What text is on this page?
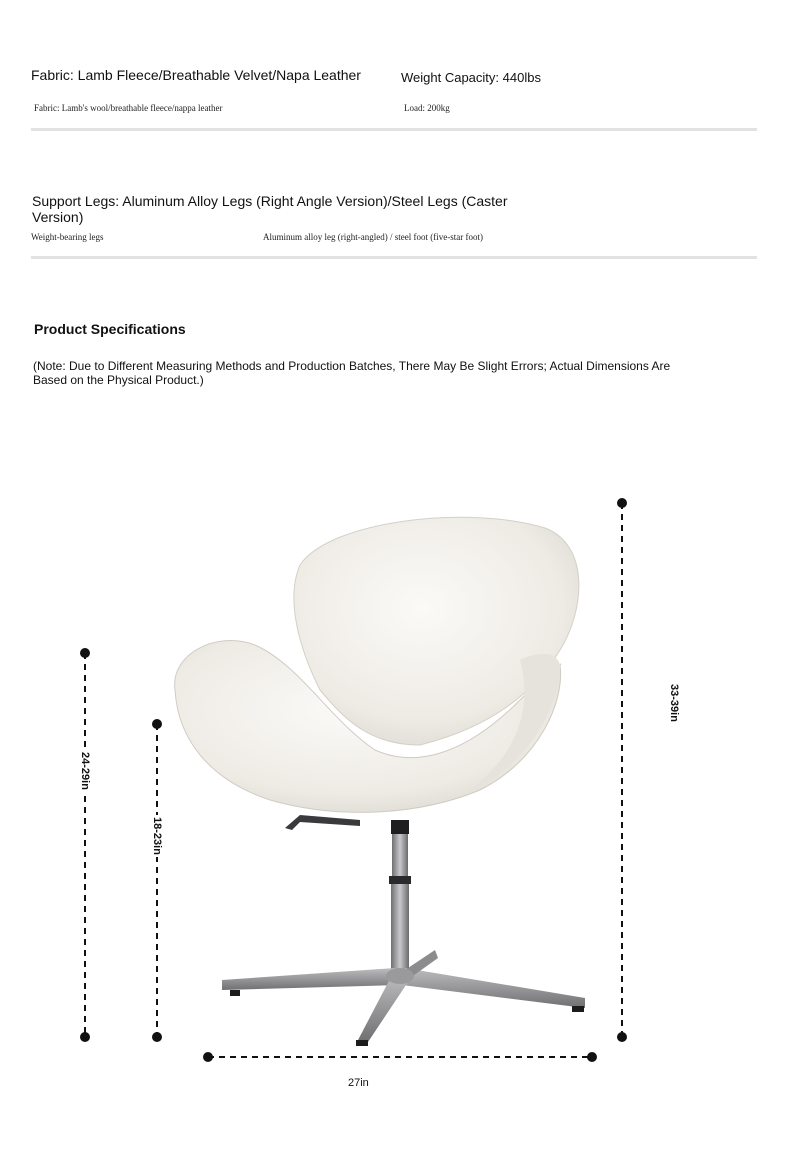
Fabric: Lamb Fleece/Breathable Velvet/Napa Leather	Weight Capacity: 440lbs
Fabric: Lamb's wool/breathable fleece/nappa leather	Load: 200kg
Support Legs: Aluminum Alloy Legs (Right Angle Version)/Steel Legs (Caster Version)
Weight-bearing legs	Aluminum alloy leg (right-angled) / steel foot (five-star foot)
Product Specifications
(Note: Due to Different Measuring Methods and Production Batches, There May Be Slight Errors; Actual Dimensions Are Based on the Physical Product.)
33-39in
24-29in
18-23in
27in
